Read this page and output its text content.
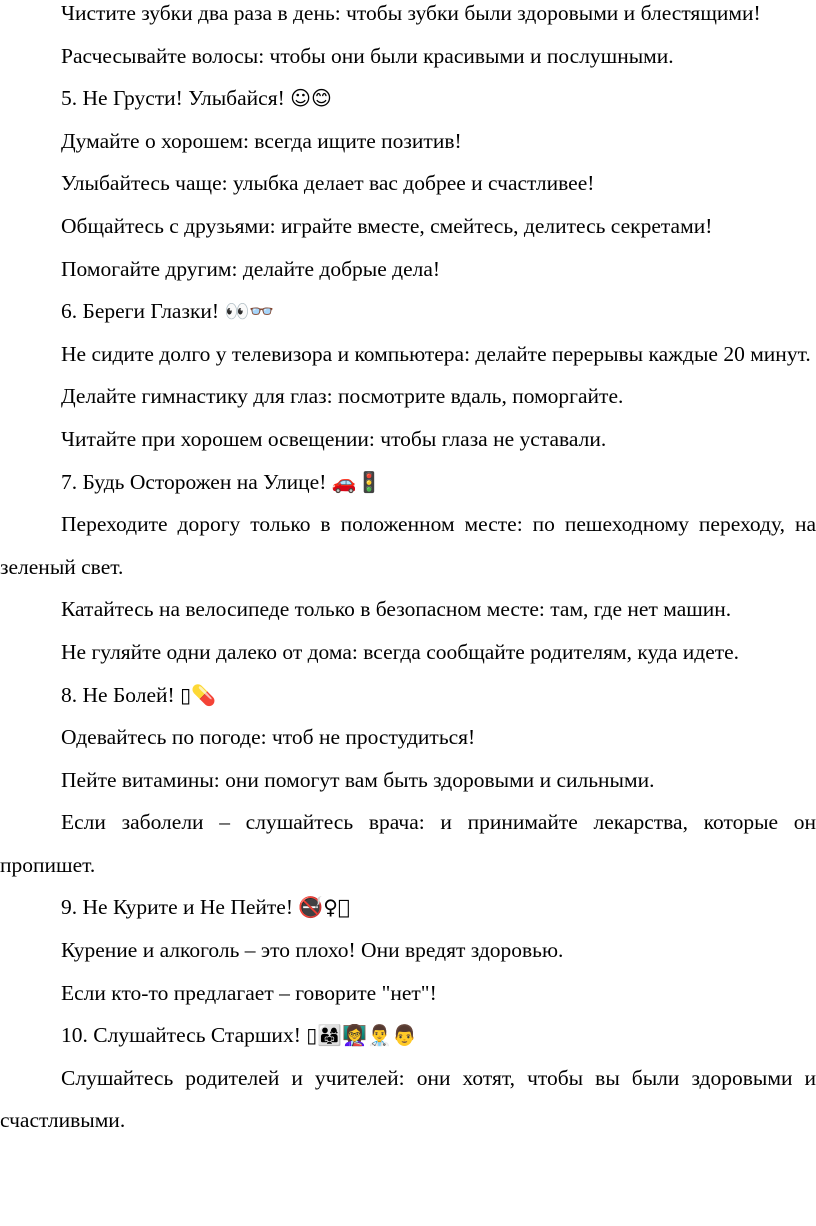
Чистите зубки два раза в день: чтобы зубки были здоровыми и блестящими!

Расчесывайте волосы: чтобы они были красивыми и послушными.

5. Не Грусти! Улыбайся! ☺😊

Думайте о хорошем: всегда ищите позитив!

Улыбайтесь чаще: улыбка делает вас добрее и счастливее!

Общайтесь с друзьями: играйте вместе, смейтесь, делитесь секретами!

Помогайте другим: делайте добрые дела!

6. Береги Глазки! 👀👓

Не сидите долго у телевизора и компьютера: делайте перерывы каждые 20 минут.

Делайте гимнастику для глаз: посмотрите вдаль, поморгайте.

Читайте при хорошем освещении: чтобы глаза не уставали.

7. Будь Осторожен на Улице! 🚗🚦

Переходите дорогу только в положенном месте: по пешеходному переходу, на зеленый свет.

Катайтесь на велосипеде только в безопасном месте: там, где нет машин.

Не гуляйте одни далеко от дома: всегда сообщайте родителям, куда идете.

8. Не Болей! ▯💊

Одевайтесь по погоде: чтоб не простудиться!

Пейте витамины: они помогут вам быть здоровыми и сильными.

Если заболели – слушайтесь врача: и принимайте лекарства, которые он пропишет.

9. Не Курите и Не Пейте! 🚭♀⃠

Курение и алкоголь – это плохо! Они вредят здоровью.

Если кто-то предлагает – говорите "нет"!

10. Слушайтесь Старших! ▯👨‍👩‍👧👩‍🏫👨‍⚕️👨

Слушайтесь родителей и учителей: они хотят, чтобы вы были здоровыми и счастливыми.
